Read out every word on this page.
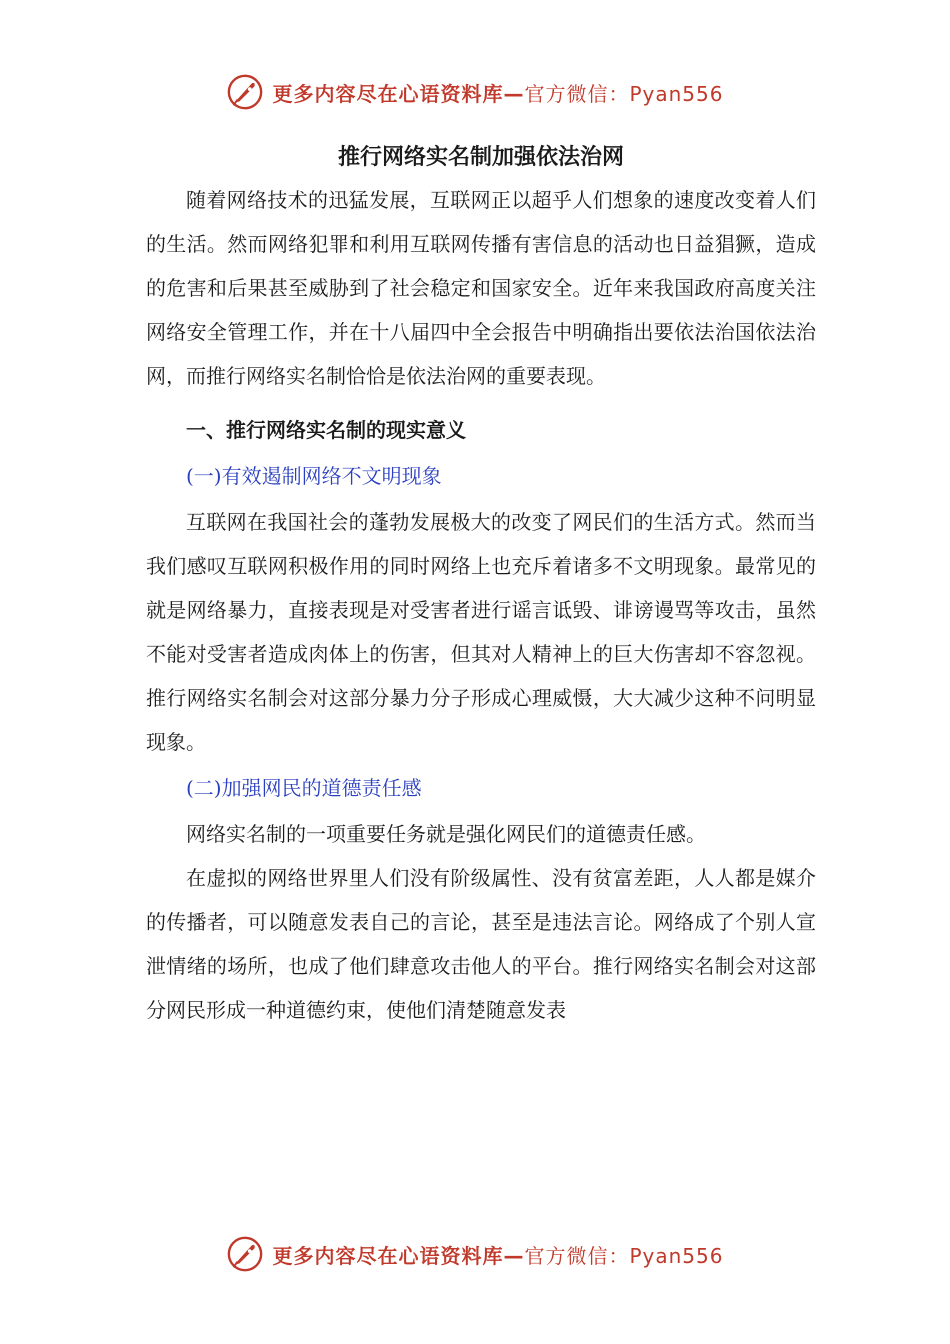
更多内容尽在心语资料库—官方微信：Pyan556
推行网络实名制加强依法治网

随着网络技术的迅猛发展，互联网正以超乎人们想象的速度改变着人们的生活。然而网络犯罪和利用互联网传播有害信息的活动也日益猖獗，造成的危害和后果甚至威胁到了社会稳定和国家安全。近年来我国政府高度关注网络安全管理工作，并在十八届四中全会报告中明确指出要依法治国依法治网，而推行网络实名制恰恰是依法治网的重要表现。

一、推行网络实名制的现实意义
(一)有效遏制网络不文明现象

互联网在我国社会的蓬勃发展极大的改变了网民们的生活方式。然而当我们感叹互联网积极作用的同时网络上也充斥着诸多不文明现象。最常见的就是网络暴力，直接表现是对受害者进行谣言诋毁、诽谤谩骂等攻击，虽然不能对受害者造成肉体上的伤害，但其对人精神上的巨大伤害却不容忽视。推行网络实名制会对这部分暴力分子形成心理威慑，大大减少这种不问明显现象。

(二)加强网民的道德责任感

网络实名制的一项重要任务就是强化网民们的道德责任感。

在虚拟的网络世界里人们没有阶级属性、没有贫富差距，人人都是媒介的传播者，可以随意发表自己的言论，甚至是违法言论。网络成了个别人宣泄情绪的场所，也成了他们肆意攻击他人的平台。推行网络实名制会对这部分网民形成一种道德约束，使他们清楚随意发表

更多内容尽在心语资料库—官方微信：Pyan556
